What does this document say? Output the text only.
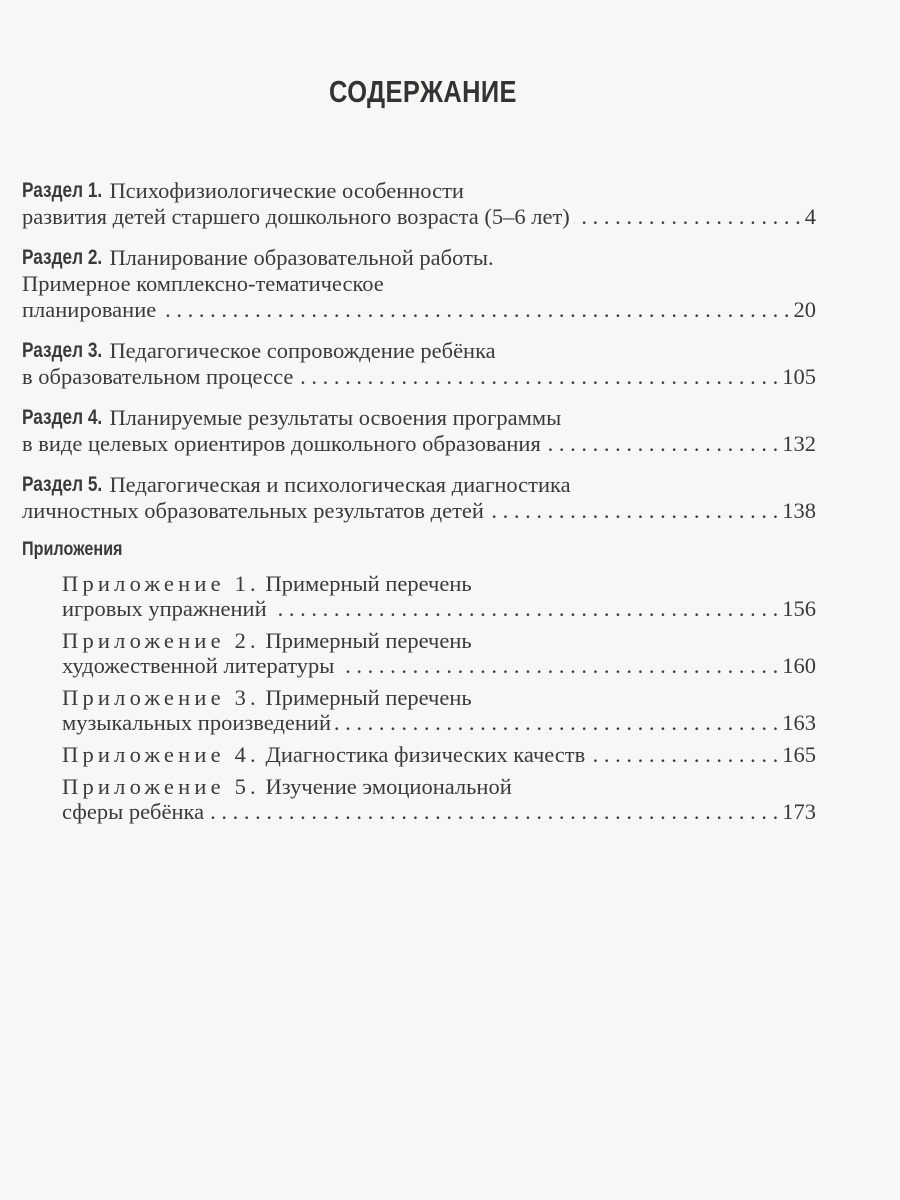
СОДЕРЖАНИЕ
Раздел 1.
Психофизиологические особенности
развития детей старшего дошкольного возраста (5–6 лет) . . .	4
Раздел 2.
Планирование образовательной работы.
Примерное комплексно-тематическое
планирование . . .	20
Раздел 3.
Педагогическое сопровождение ребёнка
в образовательном процессе . . .	105
Раздел 4.
Планируемые результаты освоения программы
в виде целевых ориентиров дошкольного образования . . .	132
Раздел 5.
Педагогическая и психологическая диагностика
личностных образовательных результатов детей . . .	138
Приложения
Приложение 1.
Примерный перечень
игровых упражнений . . .	156
Приложение 2.
Примерный перечень
художественной литературы . . .	160
Приложение 3.
Примерный перечень
музыкальных произведений . . .	163
Приложение 4.
Диагностика физических качеств . . .	165
Приложение 5.
Изучение эмоциональной
сферы ребёнка . . .	173
